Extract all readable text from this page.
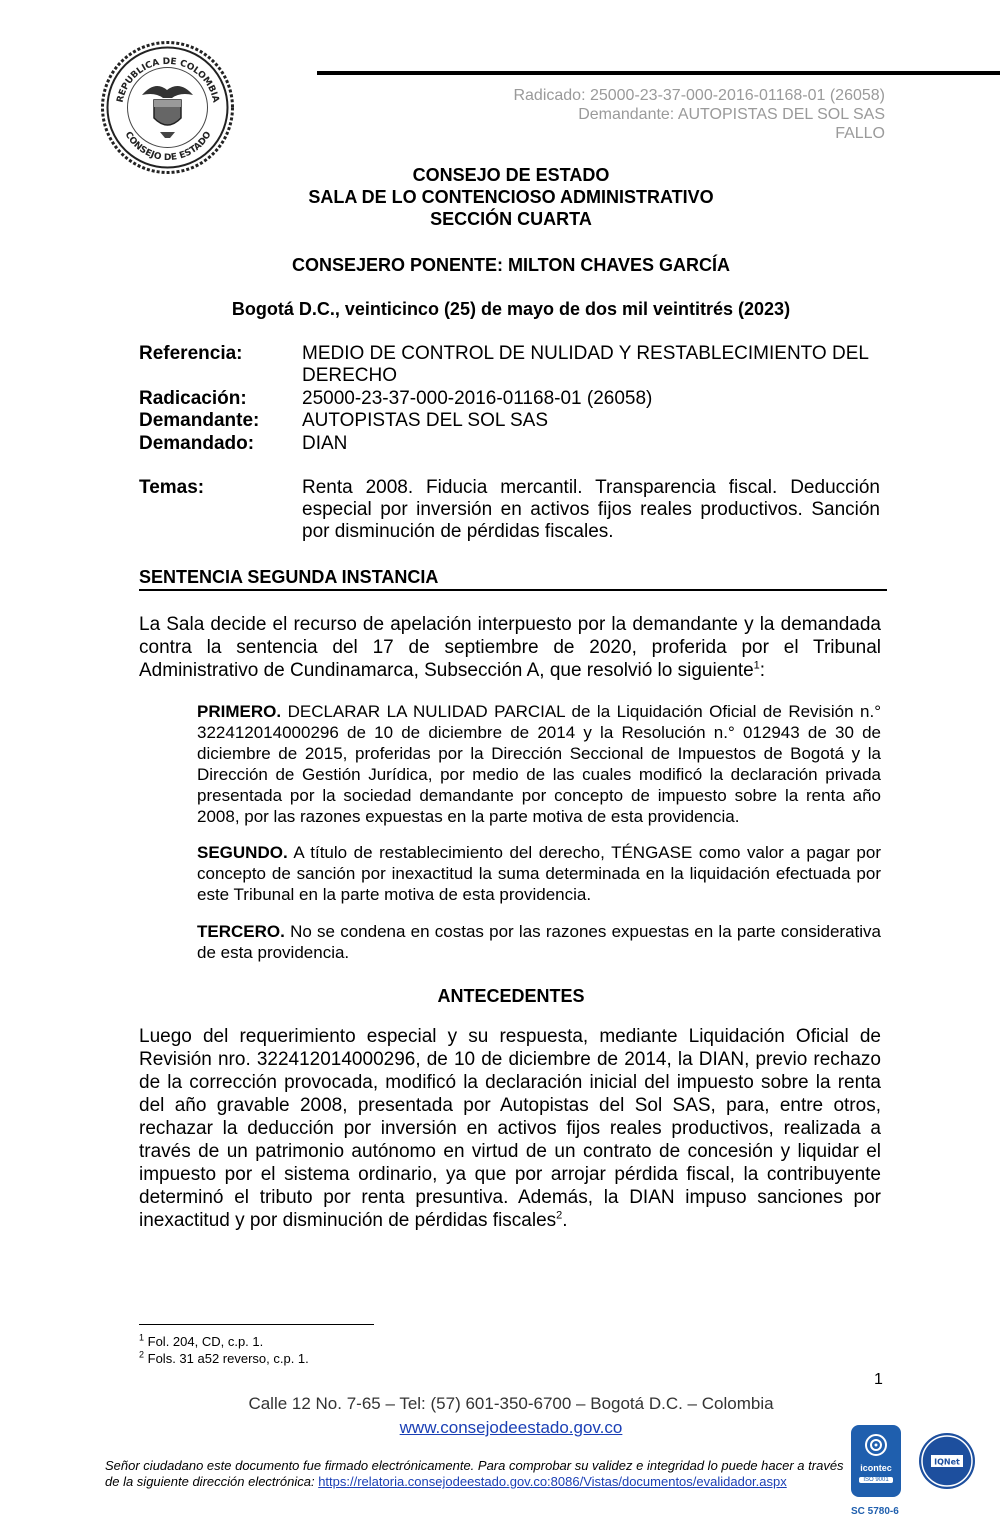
REPUBLICA DE COLOMBIA
CONSEJO DE ESTADO
Radicado: 25000-23-37-000-2016-01168-01 (26058)
Demandante: AUTOPISTAS DEL SOL SAS
FALLO
CONSEJO DE ESTADO
SALA DE LO CONTENCIOSO ADMINISTRATIVO
SECCIÓN CUARTA
CONSEJERO PONENTE: MILTON CHAVES GARCÍA
Bogotá D.C., veinticinco (25) de mayo de dos mil veintitrés (2023)
Referencia:	MEDIO DE CONTROL DE NULIDAD Y RESTABLECIMIENTO DEL DERECHO
Radicación:	25000-23-37-000-2016-01168-01 (26058)
Demandante: AUTOPISTAS DEL SOL SAS
Demandado:	DIAN
Temas:	Renta 2008. Fiducia mercantil. Transparencia fiscal. Deducción especial por inversión en activos fijos reales productivos. Sanción por disminución de pérdidas fiscales.
SENTENCIA SEGUNDA INSTANCIA
La Sala decide el recurso de apelación interpuesto por la demandante y la demandada contra la sentencia del 17 de septiembre de 2020, proferida por el Tribunal Administrativo de Cundinamarca, Subsección A, que resolvió lo siguiente$^1$:
PRIMERO. DECLARAR LA NULIDAD PARCIAL de la Liquidación Oficial de Revisión n.° 322412014000296 de 10 de diciembre de 2014 y la Resolución n.° 012943 de 30 de diciembre de 2015, proferidas por la Dirección Seccional de Impuestos de Bogotá y la Dirección de Gestión Jurídica, por medio de las cuales modificó la declaración privada presentada por la sociedad demandante por concepto de impuesto sobre la renta año 2008, por las razones expuestas en la parte motiva de esta providencia.
SEGUNDO. A título de restablecimiento del derecho, TÉNGASE como valor a pagar por concepto de sanción por inexactitud la suma determinada en la liquidación efectuada por este Tribunal en la parte motiva de esta providencia.
TERCERO. No se condena en costas por las razones expuestas en la parte considerativa de esta providencia.
ANTECEDENTES
Luego del requerimiento especial y su respuesta, mediante Liquidación Oficial de Revisión nro. 322412014000296, de 10 de diciembre de 2014, la DIAN, previo rechazo de la corrección provocada, modificó la declaración inicial del impuesto sobre la renta del año gravable 2008, presentada por Autopistas del Sol SAS, para, entre otros, rechazar la deducción por inversión en activos fijos reales productivos, realizada a través de un patrimonio autónomo en virtud de un contrato de concesión y liquidar el impuesto por el sistema ordinario, ya que por arrojar pérdida fiscal, la contribuyente determinó el tributo por renta presuntiva. Además, la DIAN impuso sanciones por inexactitud y por disminución de pérdidas fiscales$^2$.
$^1$ Fol. 204, CD, c.p. 1.
$^2$ Fols. 31 a52 reverso, c.p. 1.
1
Calle 12 No. 7-65 – Tel: (57) 601-350-6700 – Bogotá D.C. – Colombia
www.consejodeestado.gov.co
Señor ciudadano este documento fue firmado electrónicamente. Para comprobar su validez e integridad lo puede hacer a través
de la siguiente dirección electrónica: https://relatoria.consejodeestado.gov.co:8086/Vistas/documentos/evalidador.aspx
icontec
ISO 9001
IQNet
SC 5780-6
